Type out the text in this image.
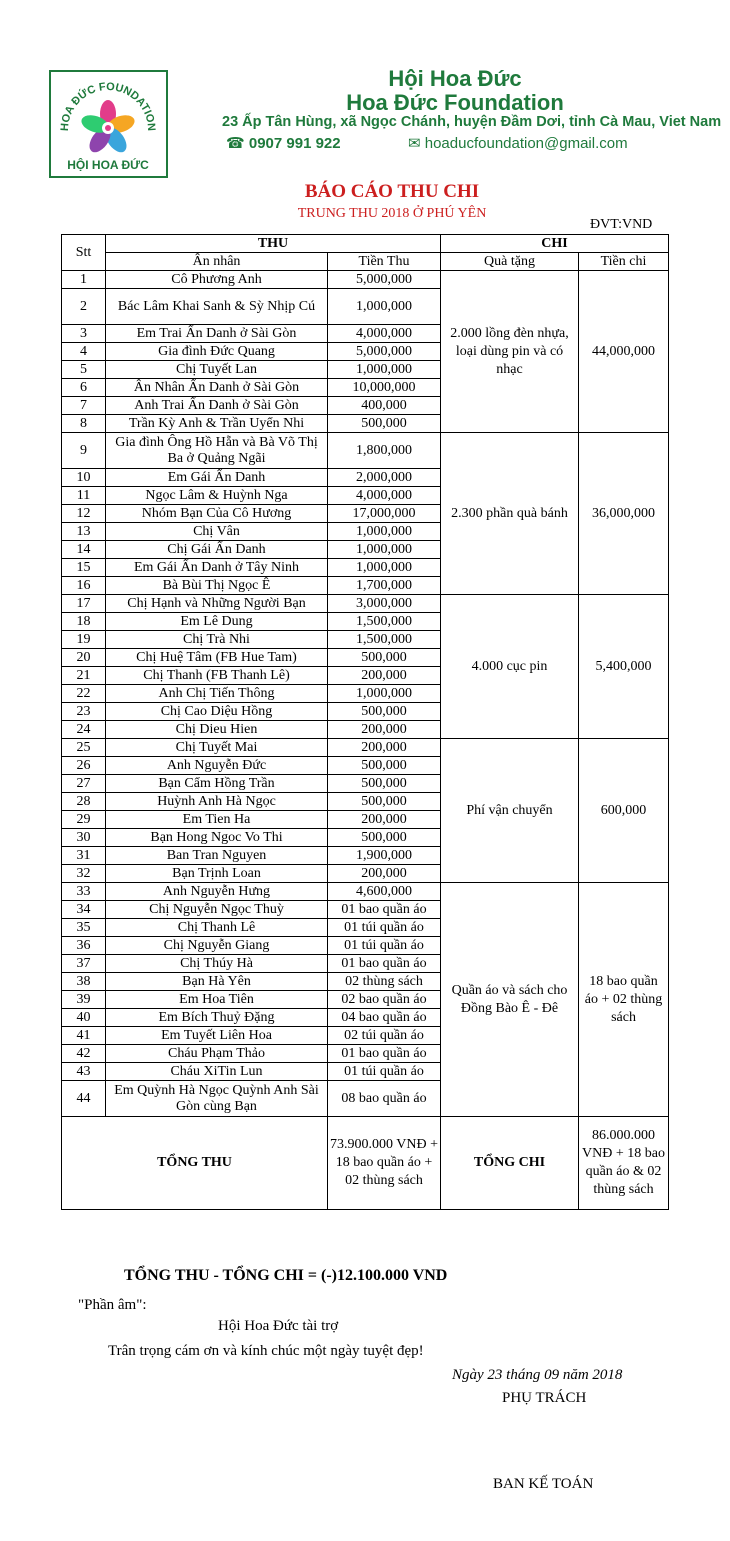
HOA ĐỨC FOUNDATION
HỘI HOA ĐỨC
Hội Hoa Đức
Hoa Đức Foundation
23 Ấp Tân Hùng, xã Ngọc Chánh, huyện Đầm Dơi, tỉnh Cà Mau, Viet Nam
☎ 0907 991 922	✉ hoaducfoundation@gmail.com
BÁO CÁO THU CHI
TRUNG THU 2018 Ở PHÚ YÊN
ĐVT:VND
Stt	THU		CHI	
	Ân nhân	Tiền Thu	Quà tặng	Tiền chi
1	Cô Phương Anh	5,000,000	2.000 lồng đèn nhựa, loại dùng pin và có nhạc	44,000,000
2	Bác Lâm Khai Sanh & Sỳ Nhịp Cú	1,000,000		
3	Em Trai Ẩn Danh ở Sài Gòn	4,000,000		
4	Gia đình Đức Quang	5,000,000		
5	Chị Tuyết Lan	1,000,000		
6	Ân Nhân Ẩn Danh ở Sài Gòn	10,000,000		
7	Anh Trai Ẩn Danh ở Sài Gòn	400,000		
8	Trần Kỳ Anh & Trần Uyển Nhi	500,000		
9	Gia đình Ông Hồ Hẵn và Bà Võ Thị Ba ở Quảng Ngãi	1,800,000	2.300 phần quà bánh	36,000,000
10	Em Gái Ẩn Danh	2,000,000		
11	Ngọc Lâm & Huỳnh Nga	4,000,000		
12	Nhóm Bạn Của Cô Hương	17,000,000		
13	Chị Vân	1,000,000		
14	Chị Gái Ẩn Danh	1,000,000		
15	Em Gái Ẩn Danh ở Tây Ninh	1,000,000		
16	Bà Bùi Thị Ngọc Ê	1,700,000		
17	Chị Hạnh và Những Người Bạn	3,000,000	4.000 cục pin	5,400,000
18	Em Lê Dung	1,500,000		
19	Chị Trà Nhi	1,500,000		
20	Chị Huệ Tâm (FB Hue Tam)	500,000		
21	Chị Thanh (FB Thanh Lê)	200,000		
22	Anh Chị Tiến Thông	1,000,000		
23	Chị Cao Diệu Hồng	500,000		
24	Chị Dieu Hien	200,000		
25	Chị Tuyết Mai	200,000	Phí vận chuyển	600,000
26	Anh Nguyễn Đức	500,000		
27	Bạn Cẩm Hồng Trần	500,000		
28	Huỳnh Anh Hà Ngọc	500,000		
29	Em Tien Ha	200,000		
30	Bạn Hong Ngoc Vo Thi	500,000		
31	Ban Tran Nguyen	1,900,000		
32	Bạn Trịnh Loan	200,000		
33	Anh Nguyễn Hưng	4,600,000	Quần áo và sách cho Đồng Bào Ê - Đê	18 bao quần áo + 02 thùng sách
34	Chị Nguyễn Ngọc Thuỳ	01 bao quần áo		
35	Chị Thanh Lê	01 túi quần áo		
36	Chị Nguyễn Giang	01 túi quần áo		
37	Chị Thúy Hà	01 bao quần áo		
38	Bạn Hà Yên	02 thùng sách		
39	Em Hoa Tiên	02 bao quần áo		
40	Em Bích Thuỷ Đặng	04 bao quần áo		
41	Em Tuyết Liên Hoa	02 túi quần áo		
42	Cháu Phạm Thảo	01 bao quần áo		
43	Cháu XiTin Lun	01 túi quần áo		
44	Em Quỳnh Hà Ngọc Quỳnh Anh Sài Gòn cùng Bạn	08 bao quần áo		
TỔNG THU		73.900.000 VNĐ + 18 bao quần áo + 02 thùng sách	TỔNG CHI	86.000.000 VNĐ + 18 bao quần áo & 02 thùng sách
TỔNG THU - TỔNG CHI = (-)12.100.000 VND
"Phần âm":
Hội Hoa Đức tài trợ
Trân trọng cám ơn và kính chúc một ngày tuyệt đẹp!
Ngày 23 tháng 09 năm 2018
PHỤ TRÁCH
BAN KẾ TOÁN
